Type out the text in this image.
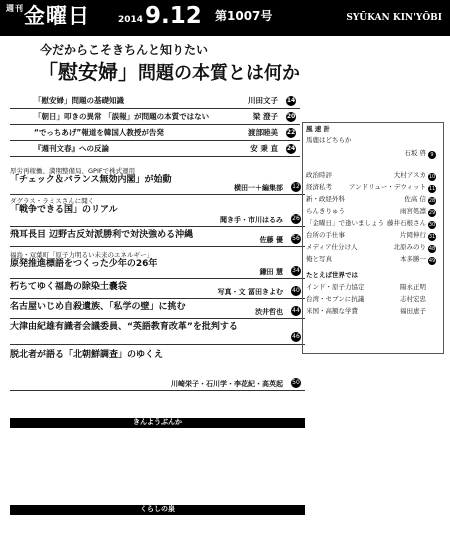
$^{週刊}$金曜日	2014 9.12 第1007号	SYŪKAN KIN'YŌBI
今だからこそきちんと知りたい
「慰安婦」問題の本質とは何か
「慰安婦」問題の基礎知識	川田文子 14
「朝日」叩きの異常 「誤報」が問題の本質ではない	梁 澄子 20
“でっちあげ”報道を韓国人教授が告発	渡部睦美 22
『週刊文春』への反論	安 秉 直 24
厚労再稼働、満期整備局、GPIFで株式運用
「チェック＆バランス無効内閣」が始動
横田一＋編集部 12
ダグラス・ラミスさんに聞く
「戦争できる国」のリアル
聞き手・市川はるみ 26
飛耳長目 辺野古反対派勝利で対決強める沖縄	佐藤 優 56
福島・双葉町「原子力明るい未来のエネルギー」
原発推進標語をつくった少年の26年
鎌田 慧 34
朽ちてゆく福島の除染土嚢袋	写真・文 冨田きよむ 40
名古屋いじめ自殺遺族、「私学の壁」に挑む	渋井哲也 44
大津由紀雄有識者会議委員、“英語教育改革”を批判する
46
脱北者が語る「北朝鮮調査」のゆくえ
川崎栄子・石川学・李花紀・高英起 50
風 速 計
馬鹿はどちらか
石坂 啓 9
政治時評	大村アスカ 10
経済私考	アンドリュー・デウィット 11
新・政経外科	佐高 信 28
らんきりゅう	雨宮処凛 29
「金曜日」で逢いましょう 藤井石根さん 30
台所の手仕事	片岡伸行 31
メディア仕分け人	北原みのり 48
俺と写真	本多勝一 49
たとえば世界では
インド・原子力協定	陽永正明
台湾・セブンに抗議	志村宏忠
米国・高額な学費	福田恵子
きんようぶんか
くらしの泉
